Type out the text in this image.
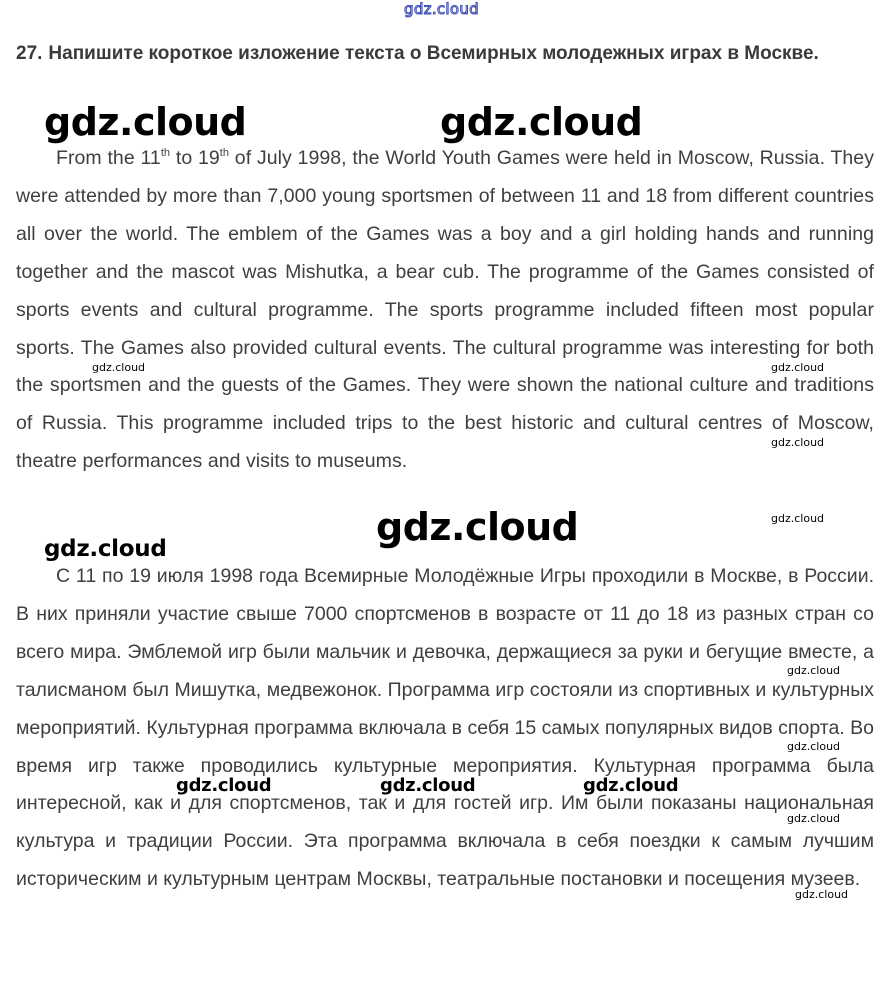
27. Напишите короткое изложение текста о Всемирных молодежных играх в Москве.

From the 11th to 19th of July 1998, the World Youth Games were held in Moscow, Russia. They were attended by more than 7,000 young sportsmen of between 11 and 18 from different countries all over the world. The emblem of the Games was a boy and a girl holding hands and running together and the mascot was Mishutka, a bear cub. The programme of the Games consisted of sports events and cultural programme. The sports programme included fifteen most popular sports. The Games also provided cultural events. The cultural programme was interesting for both the sportsmen and the guests of the Games. They were shown the national culture and traditions of Russia. This programme included trips to the best historic and cultural centres of Moscow, theatre performances and visits to museums.

С 11 по 19 июля 1998 года Всемирные Молодёжные Игры проходили в Москве, в России. В них приняли участие свыше 7000 спортсменов в возрасте от 11 до 18 из разных стран со всего мира. Эмблемой игр были мальчик и девочка, держащиеся за руки и бегущие вместе, а талисманом был Мишутка, медвежонок. Программа игр состояли из спортивных и культурных мероприятий. Культурная программа включала в себя 15 самых популярных видов спорта. Во время игр также проводились культурные мероприятия. Культурная программа была интересной, как и для спортсменов, так и для гостей игр. Им были показаны национальная культура и традиции России. Эта программа включала в себя поездки к самым лучшим историческим и культурным центрам Москвы, театральные постановки и посещения музеев.

gdz.cloud
gdz.cloud	gdz.cloud
gdz.cloud
gdz.cloud
gdz.cloud	gdz.cloud
gdz.cloud
gdz.cloud
gdz.cloud
gdz.cloud
gdz.cloud
gdz.cloud
gdz.cloud	gdz.cloud	gdz.cloud
